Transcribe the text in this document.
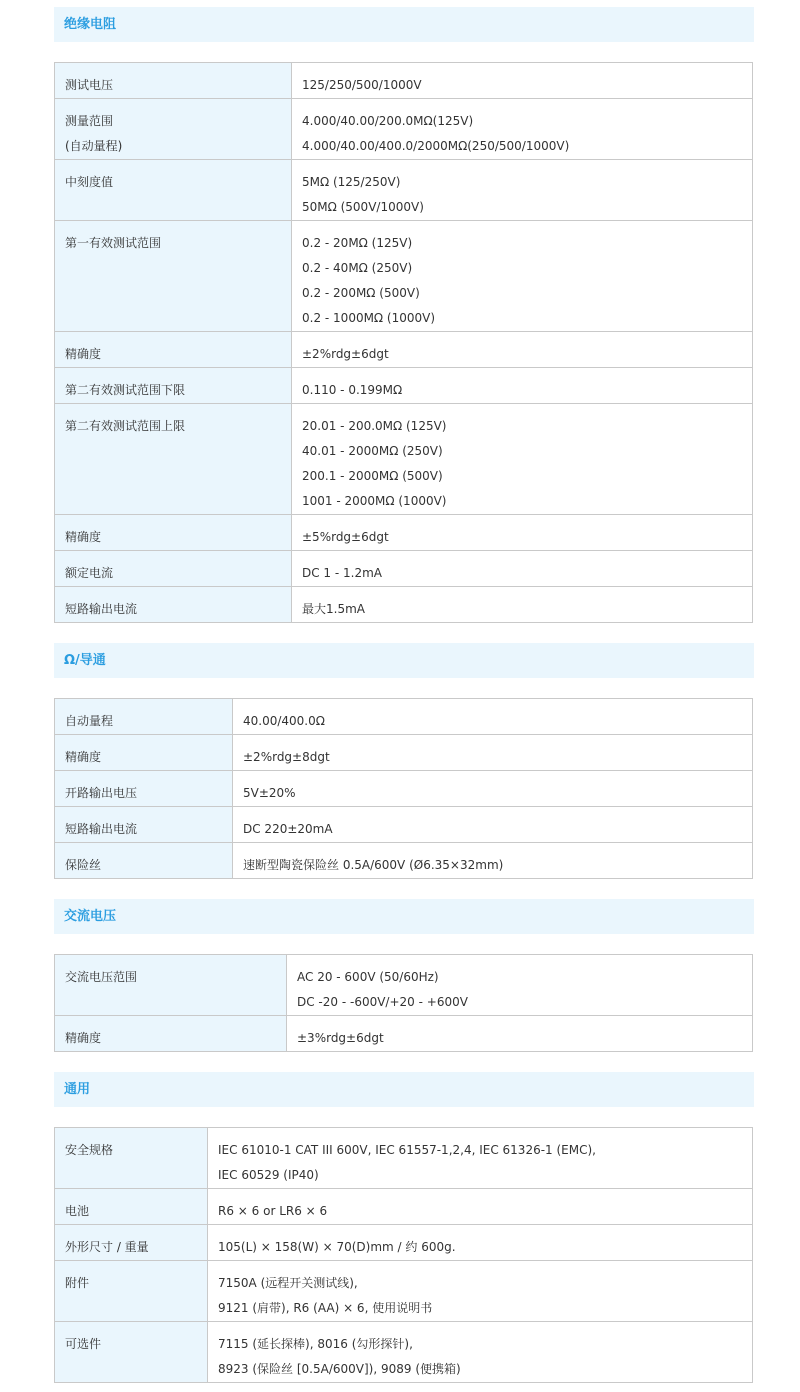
绝缘电阻
测试电压	125/250/500/1000V

测量范围
(自动量程)	4.000/40.00/200.0MΩ(125V)
4.000/40.00/400.0/2000MΩ(250/500/1000V)

中刻度值	5MΩ (125/250V)
50MΩ (500V/1000V)

第一有效测试范围	0.2 - 20MΩ (125V)
0.2 - 40MΩ (250V)
0.2 - 200MΩ (500V)
0.2 - 1000MΩ (1000V)

精确度	±2%rdg±6dgt

第二有效测试范围下限	0.110 - 0.199MΩ

第二有效测试范围上限	20.01 - 200.0MΩ (125V)
40.01 - 2000MΩ (250V)
200.1 - 2000MΩ (500V)
1001 - 2000MΩ (1000V)

精确度	±5%rdg±6dgt

额定电流	DC 1 - 1.2mA

短路输出电流	最大1.5mA
Ω/导通
自动量程	40.00/400.0Ω

精确度	±2%rdg±8dgt

开路输出电压	5V±20%

短路输出电流	DC 220±20mA

保险丝	速断型陶瓷保险丝 0.5A/600V (Ø6.35×32mm)
交流电压
交流电压范围	AC 20 - 600V (50/60Hz)
DC -20 - -600V/+20 - +600V

精确度	±3%rdg±6dgt
通用
安全规格	IEC 61010-1 CAT III 600V, IEC 61557-1,2,4, IEC 61326-1 (EMC),
IEC 60529 (IP40)

电池	R6 × 6 or LR6 × 6

外形尺寸 / 重量	105(L) × 158(W) × 70(D)mm / 约 600g.

附件	7150A (远程开关测试线),
9121 (肩带), R6 (AA) × 6, 使用说明书

可选件	7115 (延长探棒), 8016 (勾形探针),
8923 (保险丝 [0.5A/600V]), 9089 (便携箱)
